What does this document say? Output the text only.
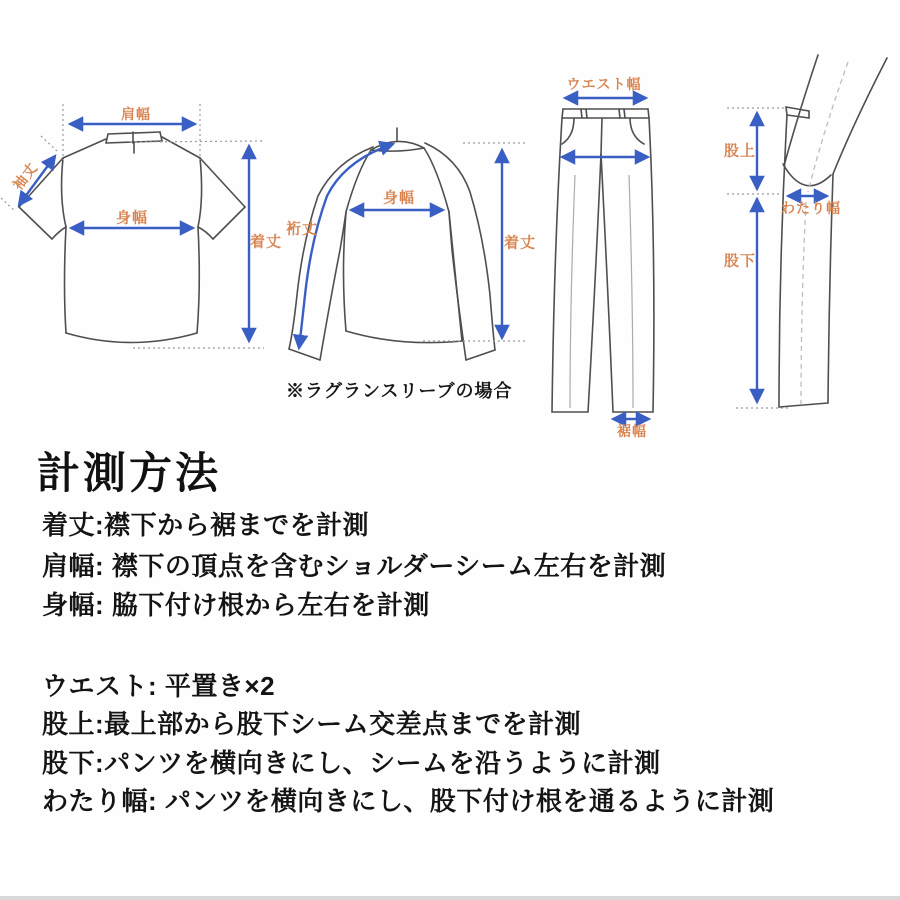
肩幅
袖丈
身幅
着丈
裄丈
身幅
着丈
※ラグランスリーブの場合
ウエスト幅
裾幅
股上
わたり幅
股下
計測方法
着丈:襟下から裾までを計測
肩幅: 襟下の頂点を含むショルダーシーム左右を計測
身幅: 脇下付け根から左右を計測
ウエスト: 平置き×2
股上:最上部から股下シーム交差点までを計測
股下:パンツを横向きにし、シームを沿うように計測
わたり幅: パンツを横向きにし、股下付け根を通るように計測
